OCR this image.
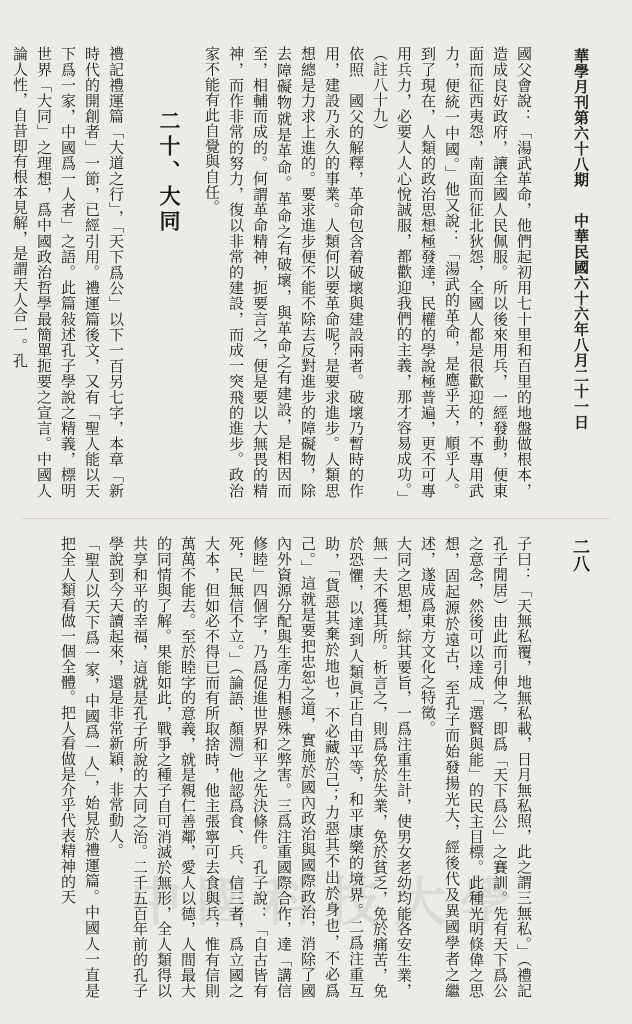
華學月刊第六十八期  中華民國六十六年八月二十一日
二八

國父會說：「湯武革命，他們起初用七十里和百里的地盤做根本，造成良好政府，讓全國人民佩服。所以後來用兵，一經發動，便東面而征西夷怨，南面而征北狄怨，全國人都是很歡迎的，不專用武力，便統一中國。」他又說：「湯武的革命，是應乎天，順乎人。到了現在，人類的政治思想極發達，民權的學說極普遍，更不可專用兵力，必要人人心悅誠服，都歡迎我們的主義，那才容易成功。」（註八十九）
依照　國父的解釋，革命包含着破壞與建設兩者。破壞乃暫時的作用，建設乃永久的事業。人類何以要革命呢？是要求進步。人類思想總是力求上進的。要求進步便不能不除去反對進步的障礙物，除去障礙物就是革命。革命之有破壞，與革命之有建設，是相因而至，相輔而成的。何謂革命精神，扼要言之，便是要以大無畏的精神，而作非常的努力，復以非常的建設，而成一突飛的進步。政治家不能有此自覺與自任。

禮記禮運篇「大道之行」，「天下爲公」以下一百另七字，本章「新時代的開創者」一節，已經引用。禮運篇後文，又有「聖人能以天下爲一家，中國爲一人者」之語。此篇敍述孔子學說之精義，標明世界「大同」之理想，爲中國政治哲學最簡單扼要之宣言。中國人論人性，自昔即有根本見解，是謂天人合一。孔	二十、大同

子曰：「天無私覆，地無私載，日月無私照，此之謂三無私。」（禮記孔子閒居）由此而引伸之，即爲「天下爲公」之賽訓。先有天下爲公之意念，然後可以達成「選賢與能」的民主目標。此種光明倏偉之思想，固起源於遠古，至孔子而始發揚光大，經後代及異國學者之繼述，遂成爲東方文化之特徵。
大同之思想，綜其要旨，一爲注重生計，使男女老幼均能各安生業，無一夫不獲其所。析言之，則爲免於失業，免於貧乏，免於痛苦，免於恐懼，以達到人類眞正自由平等，和平康樂的境界。二爲注重互助，「貨惡其棄於地也，不必藏於己；力惡其不出於身也，不必爲己。」這就是要把忠恕之道，實施於國內政治與國際政治，消除了國內外資源分配與生產力相懸殊之弊害。三爲注重國際合作，達「講信修睦」四個字，乃爲促進世界和平之先決條件。孔子說：「自古皆有死，民無信不立。」（論語、顏淵）他認爲食、兵、信三者，爲立國之大本，但如必不得已而有所取捨時，他主張寧可去食與兵，惟有信則萬萬不能去。至於睦字的意義，就是親仁善鄰，愛人以德，人間最大的同情與了解。果能如此，戰爭之種子自可消滅於無形，全人類得以共享和平的幸福，這就是孔子所說的大同之治。二千五百年前的孔子學說到今天讀起來，還是非常新穎，非常動人。
「聖人以天下爲一家，中國爲一人」，始見於禮運篇。中國人一直是把全人類看做一個全體。把人看做是介乎代表精神的天	中國科技大學
